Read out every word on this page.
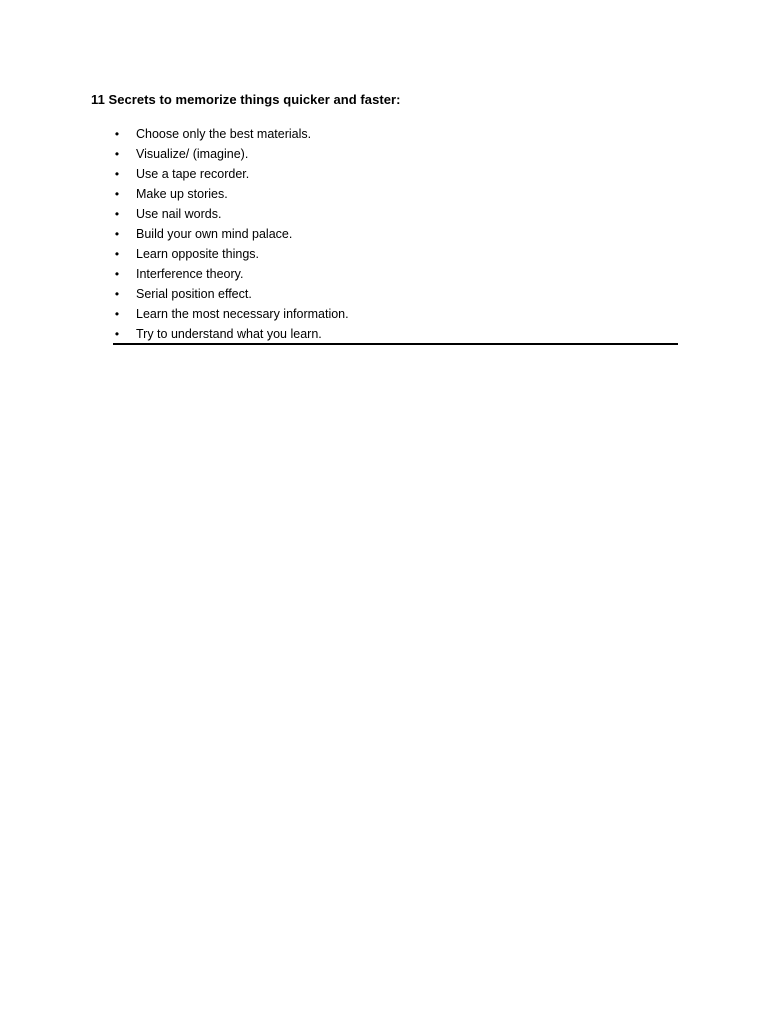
11 Secrets to memorize things quicker and faster:
• Choose only the best materials.
• Visualize/ (imagine).
• Use a tape recorder.
• Make up stories.
• Use nail words.
• Build your own mind palace.
• Learn opposite things.
• Interference theory.
• Serial position effect.
• Learn the most necessary information.
• Try to understand what you learn.
